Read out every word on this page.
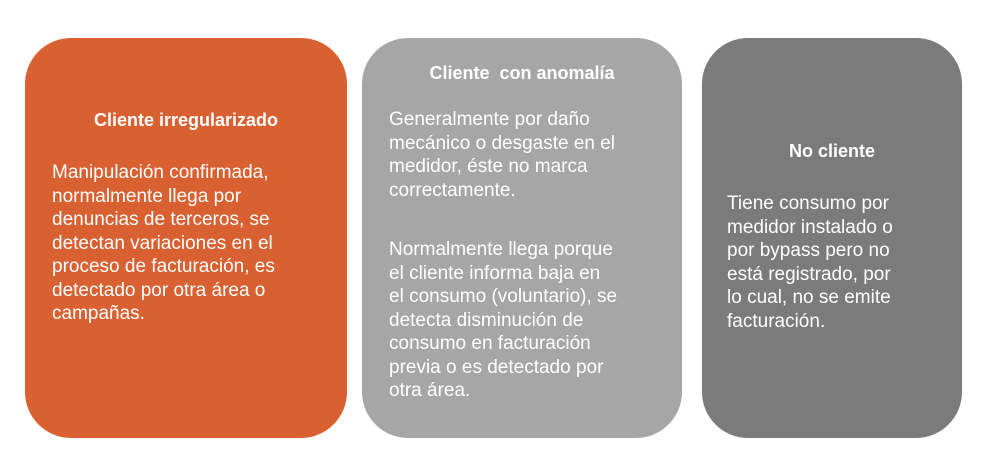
Cliente irregularizado
Manipulación confirmada,
normalmente llega por
denuncias de terceros, se
detectan variaciones en el
proceso de facturación, es
detectado por otra área o
campañas.
Cliente  con anomalía
Generalmente por daño
mecánico o desgaste en el
medidor, éste no marca
correctamente.
Normalmente llega porque
el cliente informa baja en
el consumo (voluntario), se
detecta disminución de
consumo en facturación
previa o es detectado por
otra área.
No cliente
Tiene consumo por
medidor instalado o
por bypass pero no
está registrado, por
lo cual, no se emite
facturación.
